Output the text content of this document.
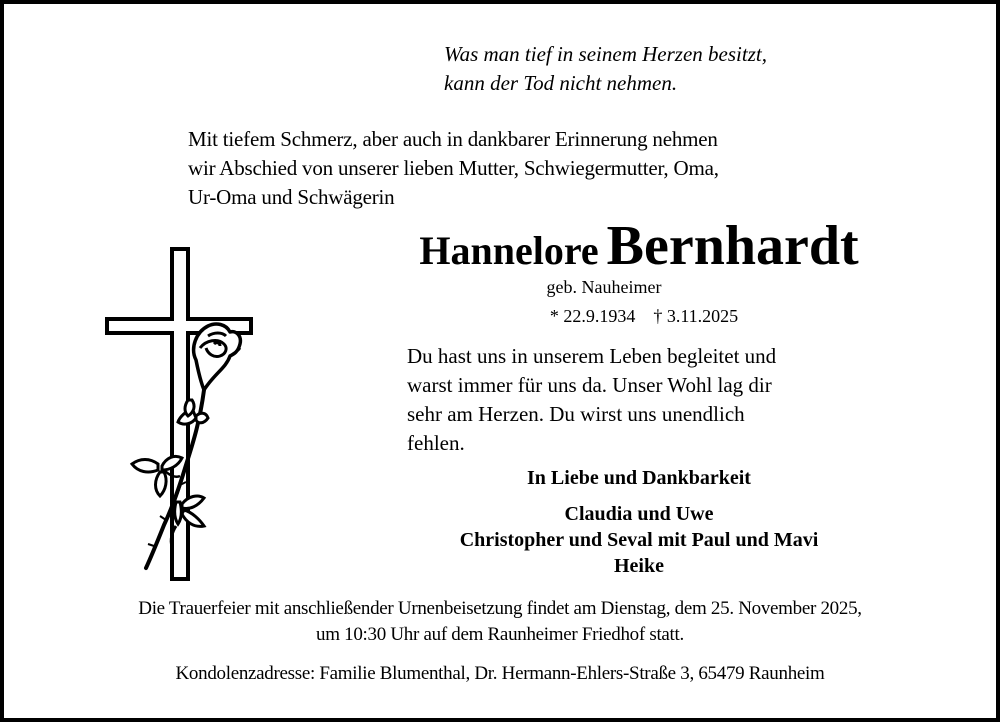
Was man tief in seinem Herzen besitzt,
kann der Tod nicht nehmen.
Mit tiefem Schmerz, aber auch in dankbarer Erinnerung nehmen
wir Abschied von unserer lieben Mutter, Schwiegermutter, Oma,
Ur-Oma und Schwägerin
Hannelore Bernhardt
geb. Nauheimer
* 22.9.1934 † 3.11.2025
Du hast uns in unserem Leben begleitet und
warst immer für uns da. Unser Wohl lag dir
sehr am Herzen. Du wirst uns unendlich
fehlen.
In Liebe und Dankbarkeit
Claudia und Uwe
Christopher und Seval mit Paul und Mavi
Heike
Die Trauerfeier mit anschließender Urnenbeisetzung findet am Dienstag, dem 25. November 2025,
um 10:30 Uhr auf dem Raunheimer Friedhof statt.
Kondolenzadresse: Familie Blumenthal, Dr. Hermann-Ehlers-Straße 3, 65479 Raunheim
